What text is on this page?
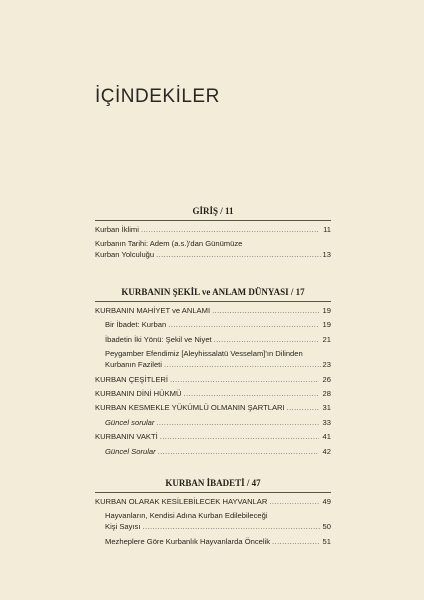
İÇİNDEKİLER
GİRİŞ / 11
Kurban İklimi .....	11
Kurbanın Tarihi: Adem (a.s.)'dan Günümüze
Kurban Yolculuğu .....	13
KURBANIN ŞEKİL ve ANLAM DÜNYASI / 17
KURBANIN MAHİYET ve ANLAMI .....	19
Bir İbadet: Kurban .....	19
İbadetin İki Yönü: Şekil ve Niyet .....	21
Peygamber Efendimiz [Aleyhissalatü Vesselam]'ın Dilinden
Kurbanın Fazileti .....	23
KURBAN ÇEŞİTLERİ .....	26
KURBANIN DİNİ HÜKMÜ .....	28
KURBAN KESMEKLE YÜKÜMLÜ OLMANIN ŞARTLARI .....	31
Güncel sorular .....	33
KURBANIN VAKTİ .....	41
Güncel Sorular .....	42
KURBAN İBADETİ / 47
KURBAN OLARAK KESİLEBİLECEK HAYVANLAR .....	49
Hayvanların, Kendisi Adına Kurban Edilebileceği
Kişi Sayısı .....	50
Mezheplere Göre Kurbanlık Hayvanlarda Öncelik .....	51
